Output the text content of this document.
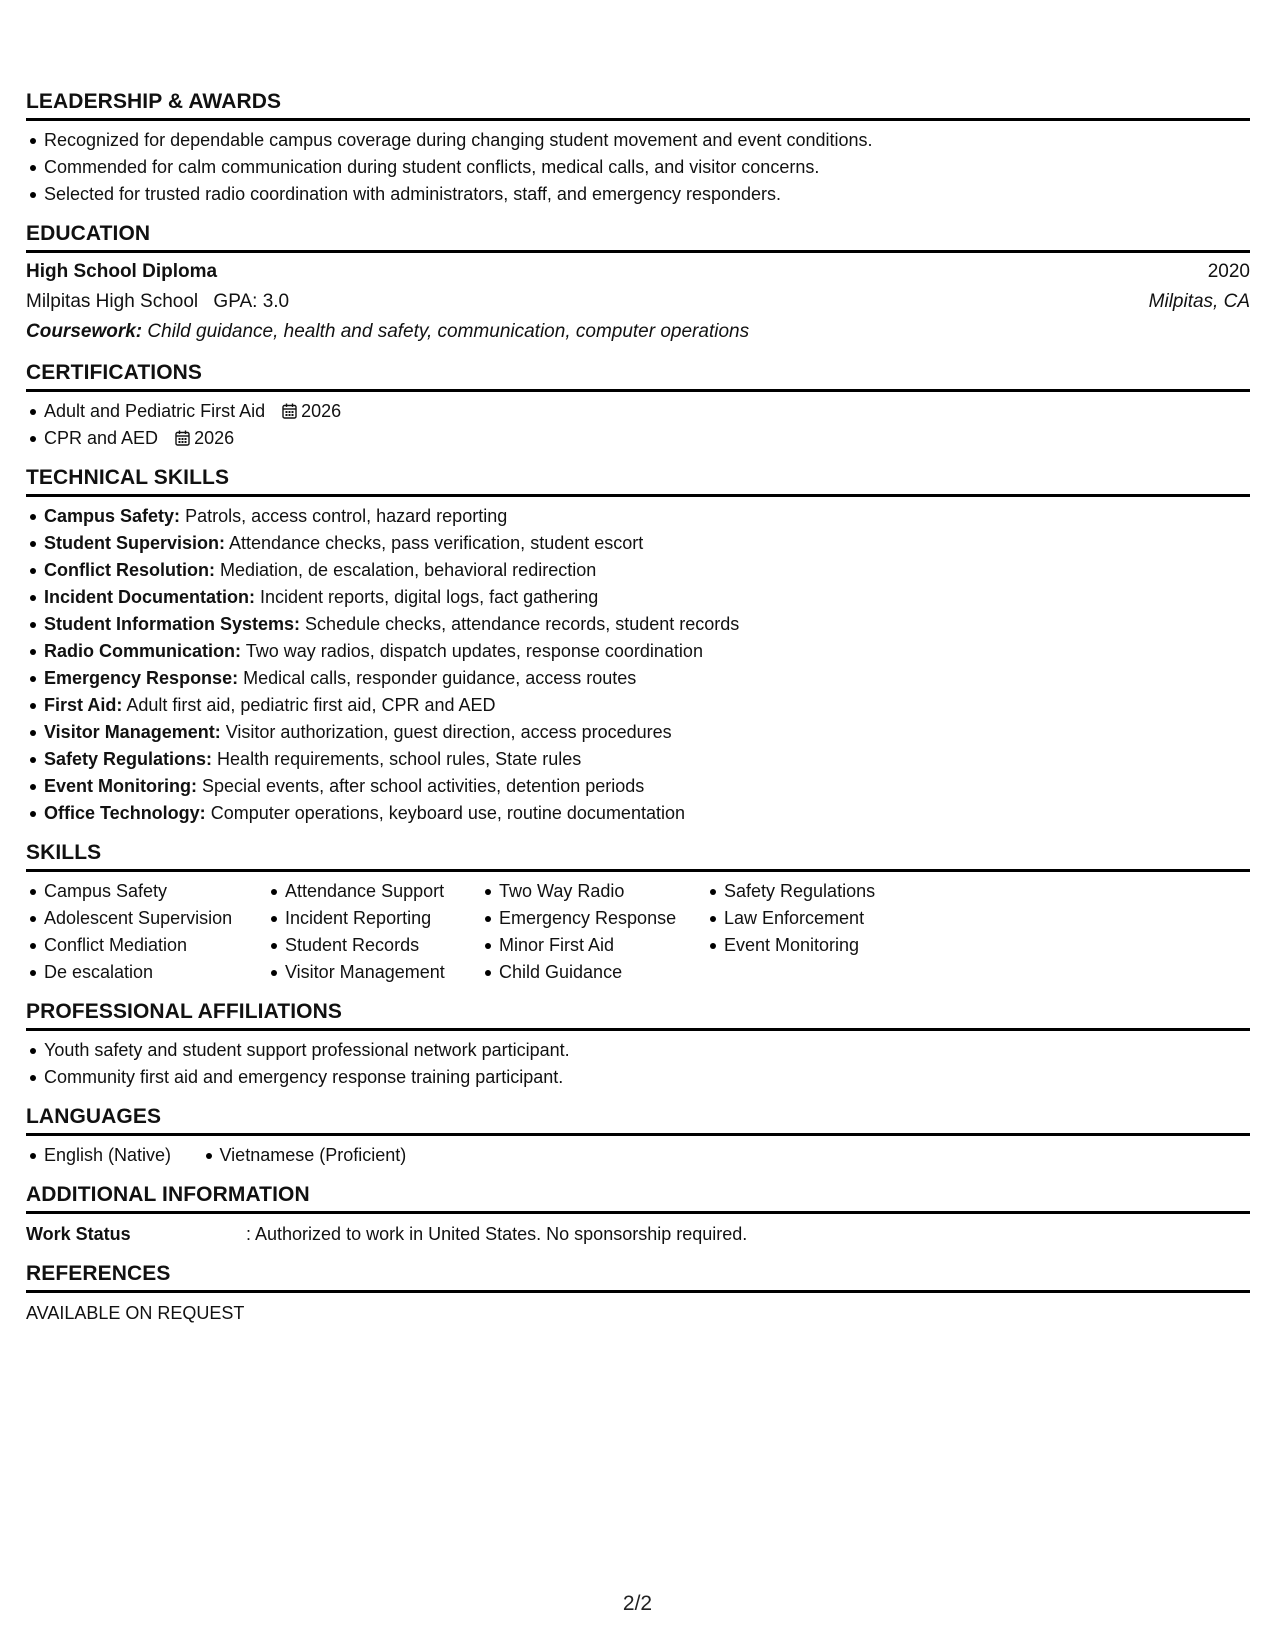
LEADERSHIP & AWARDS
Recognized for dependable campus coverage during changing student movement and event conditions.
Commended for calm communication during student conflicts, medical calls, and visitor concerns.
Selected for trusted radio coordination with administrators, staff, and emergency responders.
EDUCATION
High School Diploma	2020
Milpitas High School GPA: 3.0	Milpitas, CA
Coursework: Child guidance, health and safety, communication, computer operations
CERTIFICATIONS
Adult and Pediatric First Aid 2026
CPR and AED 2026
TECHNICAL SKILLS
Campus Safety: Patrols, access control, hazard reporting
Student Supervision: Attendance checks, pass verification, student escort
Conflict Resolution: Mediation, de escalation, behavioral redirection
Incident Documentation: Incident reports, digital logs, fact gathering
Student Information Systems: Schedule checks, attendance records, student records
Radio Communication: Two way radios, dispatch updates, response coordination
Emergency Response: Medical calls, responder guidance, access routes
First Aid: Adult first aid, pediatric first aid, CPR and AED
Visitor Management: Visitor authorization, guest direction, access procedures
Safety Regulations: Health requirements, school rules, State rules
Event Monitoring: Special events, after school activities, detention periods
Office Technology: Computer operations, keyboard use, routine documentation
SKILLS
Campus Safety
Adolescent Supervision
Conflict Mediation
De escalation
Attendance Support
Incident Reporting
Student Records
Visitor Management
Two Way Radio
Emergency Response
Minor First Aid
Child Guidance
Safety Regulations
Law Enforcement
Event Monitoring
PROFESSIONAL AFFILIATIONS
Youth safety and student support professional network participant.
Community first aid and emergency response training participant.
LANGUAGES
English (Native)	Vietnamese (Proficient)
ADDITIONAL INFORMATION
Work Status	: Authorized to work in United States. No sponsorship required.
REFERENCES
AVAILABLE ON REQUEST
2/2
